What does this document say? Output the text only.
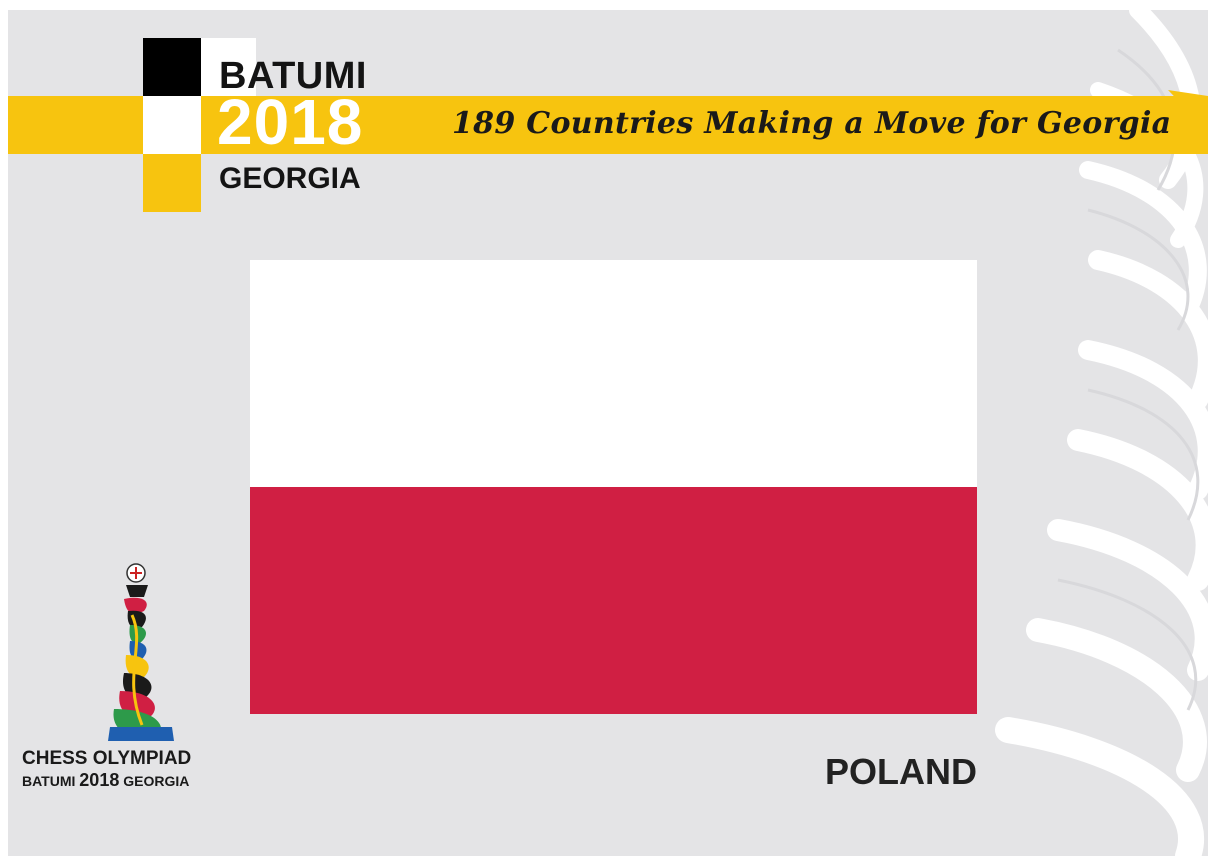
BATUMI
2018
GEORGIA
189 Countries Making a Move for Georgia
POLAND
CHESS OLYMPIAD
BATUMI 2018 GEORGIA
